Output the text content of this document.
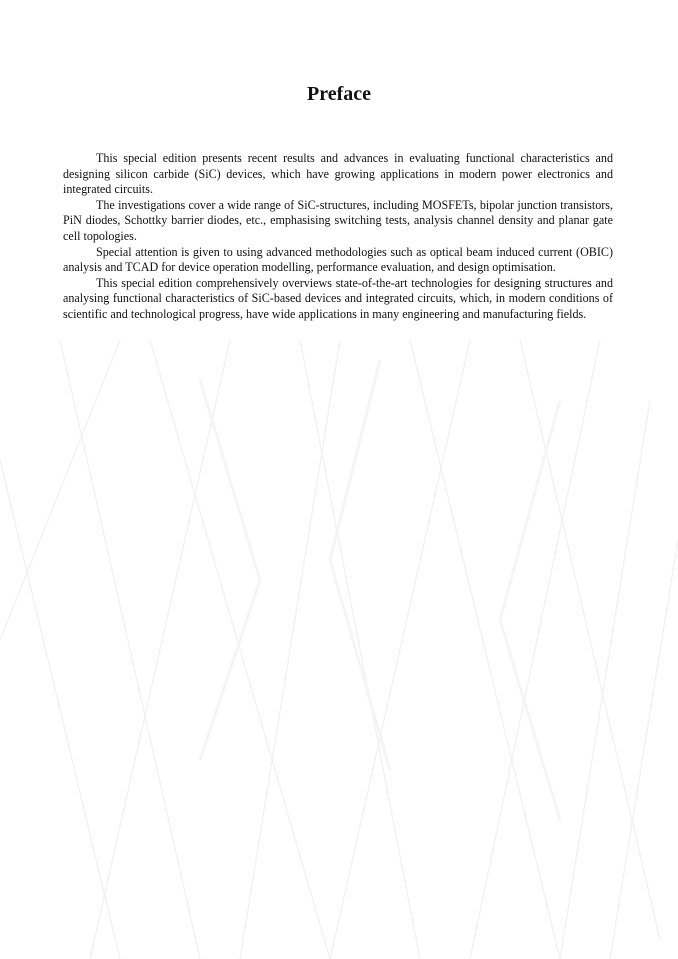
Preface

This special edition presents recent results and advances in evaluating functional characteristics and designing silicon carbide (SiC) devices, which have growing applications in modern power electronics and integrated circuits.

The investigations cover a wide range of SiC-structures, including MOSFETs, bipolar junction transistors, PiN diodes, Schottky barrier diodes, etc., emphasising switching tests, analysis channel density and planar gate cell topologies.

Special attention is given to using advanced methodologies such as optical beam induced current (OBIC) analysis and TCAD for device operation modelling, performance evaluation, and design optimisation.

This special edition comprehensively overviews state-of-the-art technologies for designing structures and analysing functional characteristics of SiC-based devices and integrated circuits, which, in modern conditions of scientific and technological progress, have wide applications in many engineering and manufacturing fields.
